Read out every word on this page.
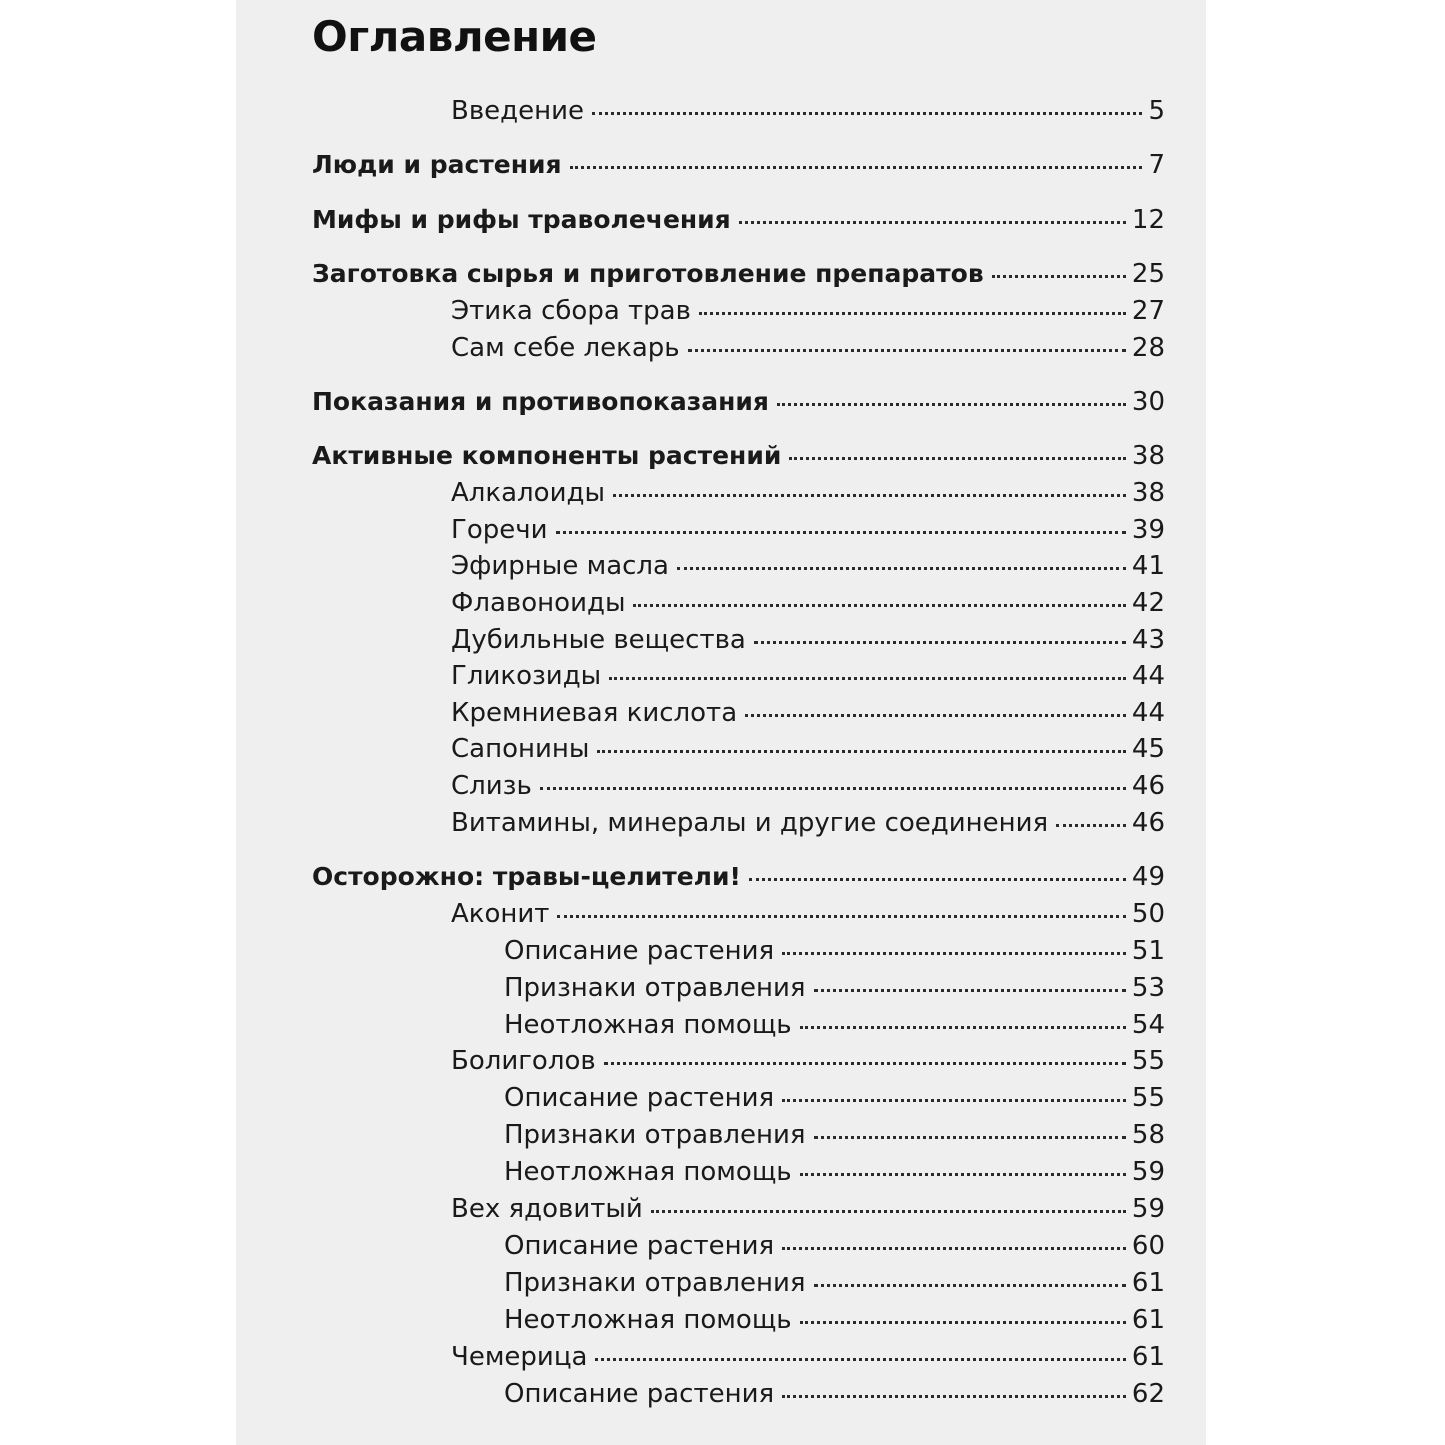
Оглавление
Введение	5
Люди и растения	7
Мифы и рифы траволечения	12
Заготовка сырья и приготовление препаратов	25
Этика сбора трав	27
Сам себе лекарь	28
Показания и противопоказания	30
Активные компоненты растений	38
Алкалоиды	38
Горечи	39
Эфирные масла	41
Флавоноиды	42
Дубильные вещества	43
Гликозиды	44
Кремниевая кислота	44
Сапонины	45
Слизь	46
Витамины, минералы и другие соединения	46
Осторожно: травы-целители!	49
Аконит	50
Описание растения	51
Признаки отравления	53
Неотложная помощь	54
Болиголов	55
Описание растения	55
Признаки отравления	58
Неотложная помощь	59
Вех ядовитый	59
Описание растения	60
Признаки отравления	61
Неотложная помощь	61
Чемерица	61
Описание растения	62
